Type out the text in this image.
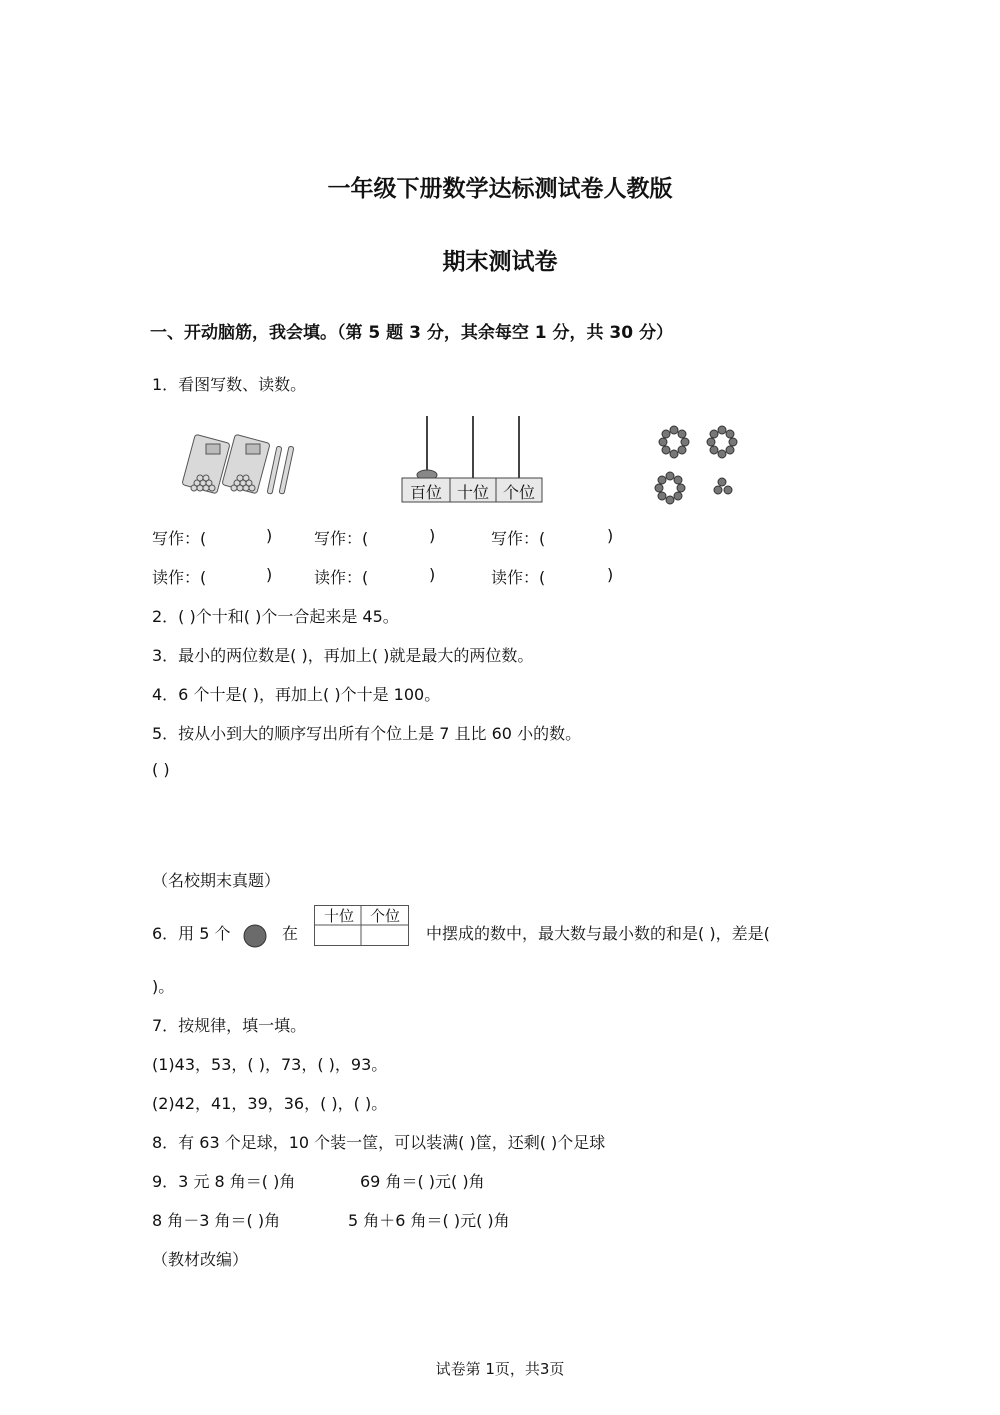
一年级下册数学达标测试卷人教版
期末测试卷
一、开动脑筋，我会填。（第 5 题 3 分，其余每空 1 分，共 30 分）
1．看图写数、读数。
百位 十位 个位
写作：(	)	写作：(	)	写作：(	)
读作：(	)	读作：(	)	读作：(	)
2．( )个十和( )个一合起来是 45。
3．最小的两位数是( )，再加上( )就是最大的两位数。
4．6 个十是( )，再加上( )个十是 100。
5．按从小到大的顺序写出所有个位上是 7 且比 60 小的数。
( )
（名校期末真题）
6．用 5 个	在
十位	个位
中摆成的数中，最大数与最小数的和是( )，差是(
)。
7．按规律，填一填。
(1)43，53，( )，73，( )，93。
(2)42，41，39，36，( )，( )。
8．有 63 个足球，10 个装一筐，可以装满( )筐，还剩( )个足球
9．3 元 8 角＝( )角	69 角＝( )元( )角
8 角－3 角＝( )角	5 角＋6 角＝( )元( )角
（教材改编）
试卷第 1页，共3页
